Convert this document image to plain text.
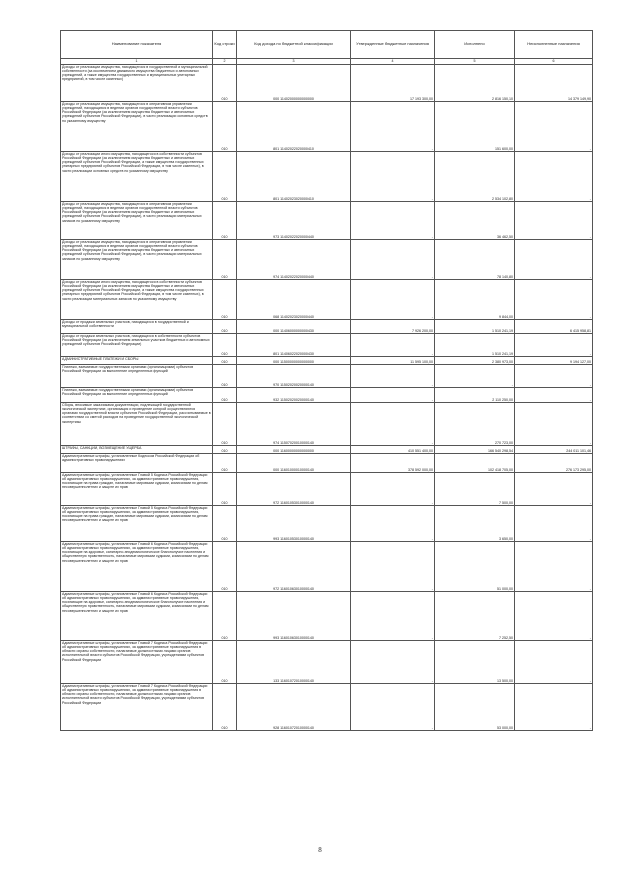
Наименование показателя	Код строки	Код дохода по бюджетной классификации	Утвержденные бюджетные назначения	Исполнено	Неисполненные назначения
1	2	3	4	5	6
Доходы от реализации имущества, находящегося в государственной и муниципальной собственности (за исключением движимого имущества бюджетных и автономных учреждений, а также имущества государственных и муниципальных унитарных предприятий, в том числе казенных)	010	000 11402000000000000	17 193 300,00	2 816 150,10	14 379 149,90
Доходы от реализации имущества, находящегося в оперативном управлении учреждений, находящихся в ведении органов государственной власти субъектов Российской Федерации (за исключением имущества бюджетных и автономных учреждений субъектов Российской Федерации), в части реализации основных средств по указанному имуществу	010	801 11402022020000410	-	151 600,00	-
Доходы от реализации иного имущества, находящегося в собственности субъектов Российской Федерации (за исключением имущества бюджетных и автономных учреждений субъектов Российской Федерации, а также имущества государственных унитарных предприятий субъектов Российской Федерации, в том числе казенных), в части реализации основных средств по указанному имуществу	010	801 11402023020000410	-	2 534 102,80	-
Доходы от реализации имущества, находящегося в оперативном управлении учреждений, находящихся в ведении органов государственной власти субъектов Российской Федерации (за исключением имущества бюджетных и автономных учреждений субъектов Российской Федерации), в части реализации материальных запасов по указанному имуществу	010	973 11402022020000440	-	36 462,50	-
Доходы от реализации имущества, находящегося в оперативном управлении учреждений, находящихся в ведении органов государственной власти субъектов Российской Федерации (за исключением имущества бюджетных и автономных учреждений субъектов Российской Федерации), в части реализации материальных запасов по указанному имуществу	010	974 11402022020000440	-	78 140,80	-
Доходы от реализации иного имущества, находящегося в собственности субъектов Российской Федерации (за исключением имущества бюджетных и автономных учреждений субъектов Российской Федерации, а также имущества государственных унитарных предприятий субъектов Российской Федерации, в том числе казенных), в части реализации материальных запасов по указанному имуществу	010	068 11402023020000440	-	9 844,00	-
Доходы от продажи земельных участков, находящихся в государственной и муниципальной собственности	010	000 11406000000000430	7 926 200,00	1 510 241,19	6 415 958,81
Доходы от продажи земельных участков, находящихся в собственности субъектов Российской Федерации (за исключением земельных участков бюджетных и автономных учреждений субъектов Российской Федерации)	010	801 11406022020000430	-	1 510 241,19	-
АДМИНИСТРАТИВНЫЕ ПЛАТЕЖИ И СБОРЫ	010	000 11500000000000000	11 595 100,00	2 380 973,00	9 194 127,00
Платежи, взимаемые государственными органами (организациями) субъектов Российской Федерации за выполнение определенных функций	010	970 11502020020000140	-	-	-
Платежи, взимаемые государственными органами (организациями) субъектов Российской Федерации за выполнение определенных функций	010	932 11502020020000140	-	2 110 250,00	-
Сборы, вносимые заказчиками документации, подлежащей государственной экологической экспертизе, организация и проведение которой осуществляются органами государственной власти субъектов Российской Федерации, рассчитываемые в соответствии со сметой расходов на проведение государственной экологической экспертизы	010	974 11507020010000140	-	270 723,00	-
ШТРАФЫ, САНКЦИИ, ВОЗМЕЩЕНИЕ УЩЕРБА	010	000 11600000000000000	410 551 400,00	166 540 298,54	244 011 101,46
Административные штрафы, установленные Кодексом Российской Федерации об административных правонарушениях	010	000 11601000010000140	378 592 000,00	102 418 705,00	276 173 295,00
Административные штрафы, установленные Главой 5 Кодекса Российской Федерации об административных правонарушениях, за административные правонарушения, посягающие на права граждан, налагаемые мировыми судьями, комиссиями по делам несовершеннолетних и защите их прав	010	972 11601053010000140	-	7 500,00	-
Административные штрафы, установленные Главой 5 Кодекса Российской Федерации об административных правонарушениях, за административные правонарушения, посягающие на права граждан, налагаемые мировыми судьями, комиссиями по делам несовершеннолетних и защите их прав	010	993 11601053010000140	-	3 650,00	-
Административные штрафы, установленные Главой 6 Кодекса Российской Федерации об административных правонарушениях, за административные правонарушения, посягающие на здоровье, санитарно-эпидемиологическое благополучие населения и общественную нравственность, налагаемые мировыми судьями, комиссиями по делам несовершеннолетних и защите их прав	010	972 11601063010000140	-	51 000,00	-
Административные штрафы, установленные Главой 6 Кодекса Российской Федерации об административных правонарушениях, за административные правонарушения, посягающие на здоровье, санитарно-эпидемиологическое благополучие населения и общественную нравственность, налагаемые мировыми судьями, комиссиями по делам несовершеннолетних и защите их прав	010	993 11601063010000140	-	7 252,50	-
Административные штрафы, установленные Главой 7 Кодекса Российской Федерации об административных правонарушениях, за административные правонарушения в области охраны собственности, налагаемые должностными лицами органов исполнительной власти субъектов Российской Федерации, учреждениями субъектов Российской Федерации	010	133 11601072010000140	-	13 500,00	-
Административные штрафы, установленные Главой 7 Кодекса Российской Федерации об административных правонарушениях, за административные правонарушения в области охраны собственности, налагаемые должностными лицами органов исполнительной власти субъектов Российской Федерации, учреждениями субъектов Российской Федерации	010	928 11601072010000140	-	53 000,00	-
8
